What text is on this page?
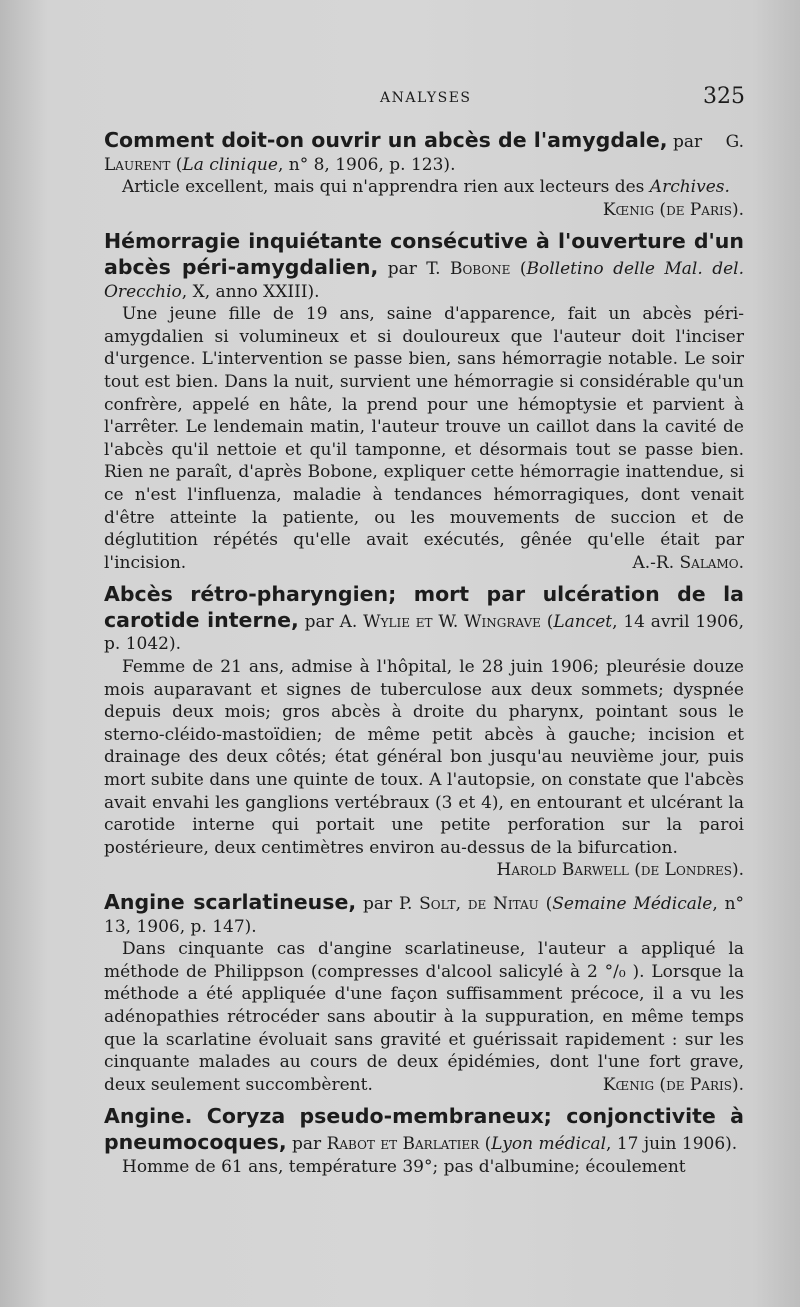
ANALYSES	325
Comment doit-on ouvrir un abcès de l'amygdale, par G. Laurent (La clinique, n° 8, 1906, p. 123).

Article excellent, mais qui n'apprendra rien aux lecteurs des Archives.
Kœnig (de Paris).

Hémorragie inquiétante consécutive à l'ouverture d'un abcès péri-amygdalien, par T. Bobone (Bolletino delle Mal. del. Orecchio, X, anno XXIII).

Une jeune fille de 19 ans, saine d'apparence, fait un abcès péri-amygdalien si volumineux et si douloureux que l'auteur doit l'inciser d'urgence. L'intervention se passe bien, sans hémorragie notable. Le soir tout est bien. Dans la nuit, survient une hémorragie si considérable qu'un confrère, appelé en hâte, la prend pour une hémoptysie et parvient à l'arrêter. Le lendemain matin, l'auteur trouve un caillot dans la cavité de l'abcès qu'il nettoie et qu'il tamponne, et désormais tout se passe bien. Rien ne paraît, d'après Bobone, expliquer cette hémorragie inattendue, si ce n'est l'influenza, maladie à tendances hémorragiques, dont venait d'être atteinte la patiente, ou les mouvements de succion et de déglutition répétés qu'elle avait exécutés, gênée qu'elle était par l'incision.	A.-R. Salamo.

Abcès rétro-pharyngien; mort par ulcération de la carotide interne, par A. Wylie et W. Wingrave (Lancet, 14 avril 1906, p. 1042).

Femme de 21 ans, admise à l'hôpital, le 28 juin 1906; pleurésie douze mois auparavant et signes de tuberculose aux deux sommets; dyspnée depuis deux mois; gros abcès à droite du pharynx, pointant sous le sterno-cléido-mastoïdien; de même petit abcès à gauche; incision et drainage des deux côtés; état général bon jusqu'au neuvième jour, puis mort subite dans une quinte de toux. A l'autopsie, on constate que l'abcès avait envahi les ganglions vertébraux (3 et 4), en entourant et ulcérant la carotide interne qui portait une petite perforation sur la paroi postérieure, deux centimètres environ au-dessus de la bifurcation.
Harold Barwell (de Londres).

Angine scarlatineuse, par P. Solt, de Nitau (Semaine Médicale, n° 13, 1906, p. 147).

Dans cinquante cas d'angine scarlatineuse, l'auteur a appliqué la méthode de Philippson (compresses d'alcool salicylé à 2 °/₀ ). Lorsque la méthode a été appliquée d'une façon suffisamment précoce, il a vu les adénopathies rétrocéder sans aboutir à la suppuration, en même temps que la scarlatine évoluait sans gravité et guérissait rapidement : sur les cinquante malades au cours de deux épidémies, dont l'une fort grave, deux seulement succombèrent.	Kœnig (de Paris).

Angine. Coryza pseudo-membraneux; conjonctivite à pneumocoques, par Rabot et Barlatier (Lyon médical, 17 juin 1906).

Homme de 61 ans, température 39°; pas d'albumine; écoulement
